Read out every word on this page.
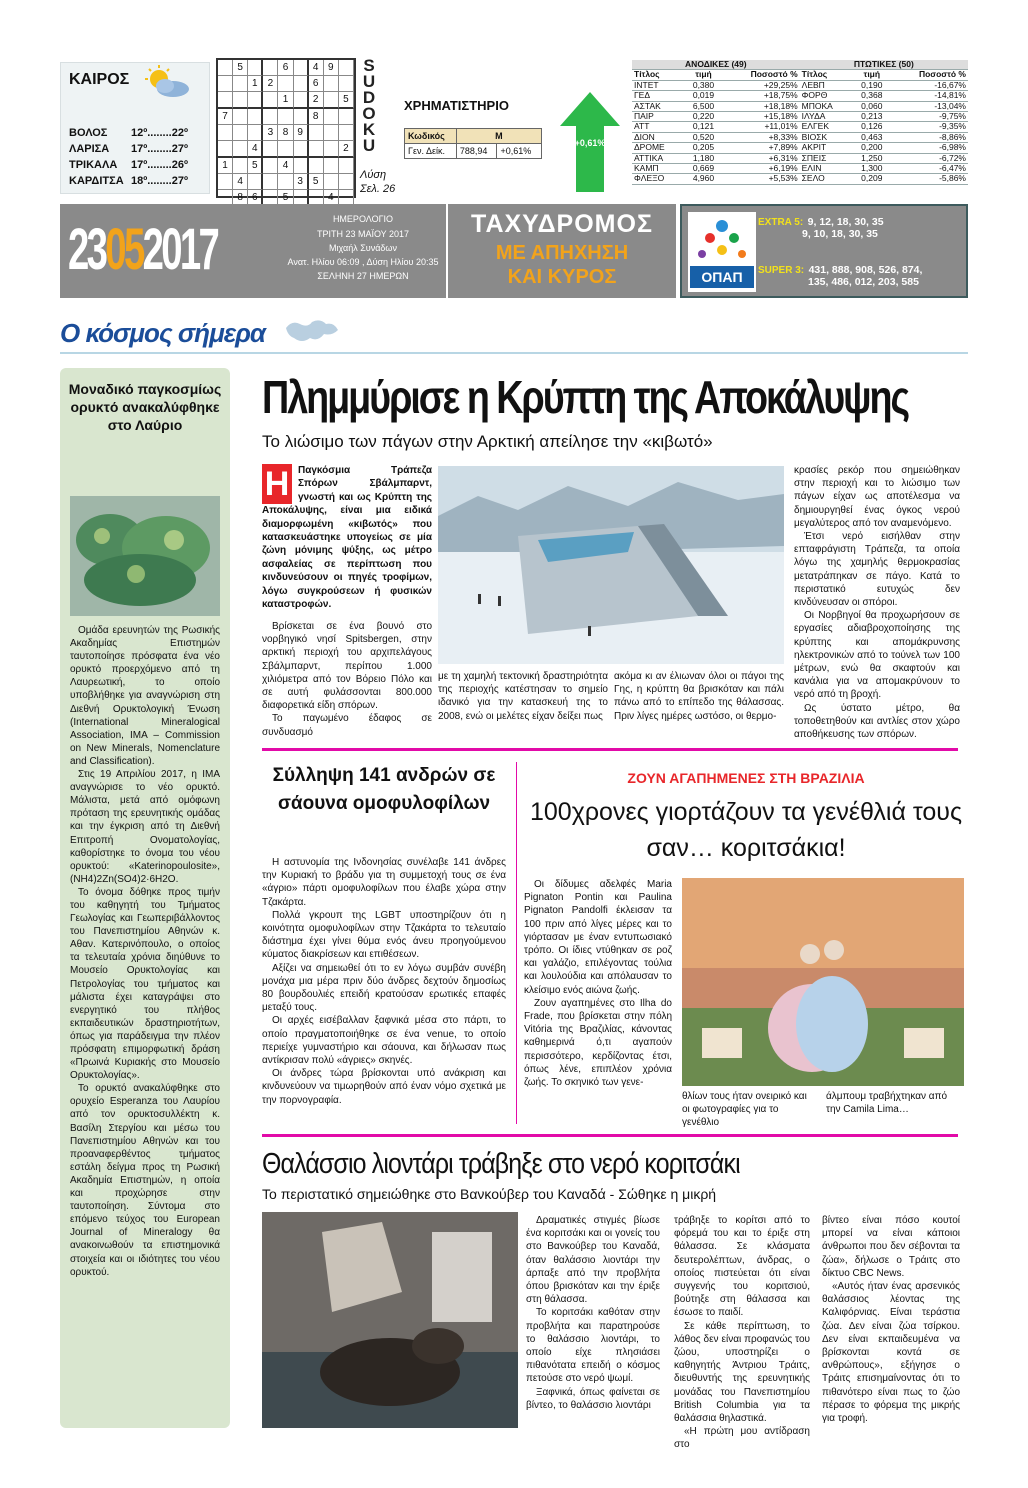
ΚΑΙΡΟΣ
ΒΟΛΟΣ	12º........22º
ΛΑΡΙΣΑ	17º........27º
ΤΡΙΚΑΛΑ	17º........26º
ΚΑΡΔΙΤΣΑ 18º........27º
5	6	4 9
1	2	6
1	2	5
7	8
3 8 9
4	2
1	5	4
4	3	5
8 6	5	4
S
U
D
O
K
U
Λύση
Σελ. 26
ΧΡΗΜΑΤΙΣΤΗΡΙΟ
Κωδικός	Μ	
Γεν. Δείκ.	788,94	+0,61%
+0,61%
ΑΝΟΔΙΚΕΣ (49)			ΠΤΩΤΙΚΕΣ (50)		
Τίτλος	τιμή	Ποσοστό %	Τίτλος	τιμή	Ποσοστό %
ΙΝΤΕΤ	0,380	+29,25%	ΛΕΒΠ	0,190	-16,67%
ΓΕΔ	0,019	+18,75%	ΦΟΡΘ	0,368	-14,81%
ΑΣΤΑΚ	6,500	+18,18%	ΜΠΟΚΑ	0,060	-13,04%
ΠΑΙΡ	0,220	+15,18%	ΙΛΥΔΑ	0,213	-9,75%
ΑΤΤ	0,121	+11,01%	ΕΛΓΕΚ	0,126	-9,35%
ΔΙΟΝ	0,520	+8,33%	ΒΙΟΣΚ	0,463	-8,86%
ΔΡΟΜΕ	0,205	+7,89%	ΑΚΡΙΤ	0,200	-6,98%
ΑΤΤΙΚΑ	1,180	+6,31%	ΣΠΕΙΣ	1,250	-6,72%
ΚΑΜΠ	0,669	+6,19%	ΕΛΙΝ	1,300	-6,47%
ΦΛΕΞΟ	4,960	+5,53%	ΣΕΛΟ	0,209	-5,86%
23052017	ΗΜΕΡΟΛΟΓΙΟ
ΤΡΙΤΗ 23 ΜΑΪΟΥ 2017
Μιχαήλ Συνάδων
Ανατ. Ηλίου 06:09 , Δύση Ηλίου 20:35
ΣΕΛΗΝΗ 27 ΗΜΕΡΩΝ
ΤΑΧΥΔΡΟΜΟΣ
ΜΕ ΑΠΗΧΗΣΗ
ΚΑΙ ΚΥΡΟΣ	ΟΠΑΠ
EXTRA 5: 9, 12, 18, 30, 35
9, 10, 18, 30, 35
SUPER 3: 431, 888, 908, 526, 874,
135, 486, 012, 203, 585
Ο κόσμος σήμερα
Μοναδικό παγκοσμίως ορυκτό ανακαλύφθηκε στο Λαύριο

Ομάδα ερευνητών της Ρωσικής Ακαδημίας Επιστημών ταυτοποίησε πρόσφατα ένα νέο ορυκτό προερχόμενο από τη Λαυρεωτική, το οποίο υποβλήθηκε για αναγνώριση στη Διεθνή Ορυκτολογική Ένωση (International Mineralogical Association, IMA – Commission on New Minerals, Nomenclature and Classification).

Στις 19 Απριλίου 2017, η IMA αναγνώρισε το νέο ορυκτό. Μάλιστα, μετά από ομόφωνη πρόταση της ερευνητικής ομάδας και την έγκριση από τη Διεθνή Επιτροπή Ονοματολογίας, καθορίστηκε το όνομα του νέου ορυκτού: «Katerinopoulosite», (NH4)2Zn(SO4)2·6H2O.

Το όνομα δόθηκε προς τιμήν του καθηγητή του Τμήματος Γεωλογίας και Γεωπεριβάλλοντος του Πανεπιστημίου Αθηνών κ. Αθαν. Κατερινόπουλο, ο οποίος τα τελευταία χρόνια διηύθυνε το Μουσείο Ορυκτολογίας και Πετρολογίας του τμήματος και μάλιστα έχει καταγράψει στο ενεργητικό του πλήθος εκπαιδευτικών δραστηριοτήτων, όπως για παράδειγμα την πλέον πρόσφατη επιμορφωτική δράση «Πρωινά Κυριακής στο Μουσείο Ορυκτολογίας».

Το ορυκτό ανακαλύφθηκε στο ορυχείο Esperanza του Λαυρίου από τον ορυκτοσυλλέκτη κ. Βασίλη Στεργίου και μέσω του Πανεπιστημίου Αθηνών και του προαναφερθέντος τμήματος εστάλη δείγμα προς τη Ρωσική Ακαδημία Επιστημών, η οποία και προχώρησε στην ταυτοποίηση. Σύντομα στο επόμενο τεύχος του European Journal of Mineralogy θα ανακοινωθούν τα επιστημονικά στοιχεία και οι ιδιότητες του νέου ορυκτού.

Πλημμύρισε η Κρύπτη της Αποκάλυψης
Το λιώσιμο των πάγων στην Αρκτική απείλησε την «κιβωτό»
Παγκόσμια Τράπεζα Σπόρων Σβάλμπαρντ, γνωστή και ως Κρύπτη της Αποκάλυψης, είναι μια ειδικά διαμορφωμένη «κιβωτός» που κατασκευάστηκε υπογείως σε μία ζώνη μόνιμης ψύξης, ως μέτρο ασφαλείας σε περίπτωση που κινδυνεύσουν οι πηγές τροφίμων, λόγω συγκρούσεων ή φυσικών καταστροφών.
Η

Βρίσκεται σε ένα βουνό στο νορβηγικό νησί Spitsbergen, στην αρκτική περιοχή του αρχιπελάγους Σβάλμπαρντ, περίπου 1.000 χιλιόμετρα από τον Βόρειο Πόλο και σε αυτή φυλάσσονται 800.000 διαφορετικά είδη σπόρων.

Το παγωμένο έδαφος σε συνδυασμό

με τη χαμηλή τεκτονική δραστηριότητα της περιοχής κατέστησαν το σημείο ιδανικό για την κατασκευή της το 2008, ενώ οι μελέτες είχαν δείξει πως
ακόμα κι αν έλιωναν όλοι οι πάγοι της Γης, η κρύπτη θα βρισκόταν και πάλι πάνω από το επίπεδο της θάλασσας. Πριν λίγες ημέρες ωστόσο, οι θερμο-

κρασίες ρεκόρ που σημειώθηκαν στην περιοχή και το λιώσιμο των πάγων είχαν ως αποτέλεσμα να δημιουργηθεί ένας όγκος νερού μεγαλύτερος από τον αναμενόμενο.

Έτσι νερό εισήλθαν στην επταφράγιστη Τράπεζα, τα οποία λόγω της χαμηλής θερμοκρασίας μετατράπηκαν σε πάγο. Κατά το περιστατικό ευτυχώς δεν κινδύνευσαν οι σπόροι.

Οι Νορβηγοί θα προχωρήσουν σε εργασίες αδιαβροχοποίησης της κρύπτης και απομάκρυνσης ηλεκτρονικών από το τούνελ των 100 μέτρων, ενώ θα σκαφτούν και κανάλια για να απομακρύνουν το νερό από τη βροχή.

Ως ύστατο μέτρο, θα τοποθετηθούν και αντλίες στον χώρο αποθήκευσης των σπόρων.

Σύλληψη 141 ανδρών σε σάουνα ομοφυλοφίλων

Η αστυνομία της Ινδονησίας συνέλαβε 141 άνδρες την Κυριακή το βράδυ για τη συμμετοχή τους σε ένα «άγριο» πάρτι ομοφυλοφίλων που έλαβε χώρα στην Τζακάρτα.

Πολλά γκρουπ της LGBT υποστηρίζουν ότι η κοινότητα ομοφυλοφίλων στην Τζακάρτα το τελευταίο διάστημα έχει γίνει θύμα ενός άνευ προηγούμενου κύματος διακρίσεων και επιθέσεων.

Αξίζει να σημειωθεί ότι το εν λόγω συμβάν συνέβη μονάχα μια μέρα πριν δύο άνδρες δεχτούν δημοσίως 80 βουρδουλιές επειδή κρατούσαν ερωτικές επαφές μεταξύ τους.

Οι αρχές εισέβαλλαν ξαφνικά μέσα στο πάρτι, το οποίο πραγματοποιήθηκε σε ένα venue, το οποίο περιείχε γυμναστήριο και σάουνα, και δήλωσαν πως αντίκρισαν πολύ «άγριες» σκηνές.

Οι άνδρες τώρα βρίσκονται υπό ανάκριση και κινδυνεύουν να τιμωρηθούν από έναν νόμο σχετικά με την πορνογραφία.

ΖΟΥΝ ΑΓΑΠΗΜΕΝΕΣ ΣΤΗ ΒΡΑΖΙΛΙΑ
100χρονες γιορτάζουν τα γενέθλιά τους σαν… κοριτσάκια!

Οι δίδυμες αδελφές Maria Pignaton Pontin και Paulina Pignaton Pandolfi έκλεισαν τα 100 πριν από λίγες μέρες και το γιόρτασαν με έναν εντυπωσιακό τρόπο. Οι ίδιες ντύθηκαν σε ροζ και γαλάζιο, επιλέγοντας τούλια και λουλούδια και απόλαυσαν το κλείσιμο ενός αιώνα ζωής.

Ζουν αγαπημένες στο Ilha do Frade, που βρίσκεται στην πόλη Vitória της Βραζιλίας, κάνοντας καθημερινά ό,τι αγαπούν περισσότερο, κερδίζοντας έτσι, όπως λένε, επιπλέον χρόνια ζωής. Το σκηνικό των γενε-

θλίων τους ήταν ονειρικό και οι φωτογραφίες για το γενέθλιο
άλμπουμ τραβήχτηκαν από την Camila Lima…
Θαλάσσιο λιοντάρι τράβηξε στο νερό κοριτσάκι
Το περιστατικό σημειώθηκε στο Βανκούβερ του Καναδά - Σώθηκε η μικρή

Δραματικές στιγμές βίωσε ένα κοριτσάκι και οι γονείς του στο Βανκούβερ του Καναδά, όταν θαλάσσιο λιοντάρι την άρπαξε από την προβλήτα όπου βρισκόταν και την έριξε στη θάλασσα.

Το κοριτσάκι καθόταν στην προβλήτα και παρατηρούσε το θαλάσσιο λιοντάρι, το οποίο είχε πλησιάσει πιθανότατα επειδή ο κόσμος πετούσε στο νερό ψωμί.

Ξαφνικά, όπως φαίνεται σε βίντεο, το θαλάσσιο λιοντάρι

τράβηξε το κορίτσι από το φόρεμά του και το έριξε στη θάλασσα. Σε κλάσματα δευτερολέπτων, άνδρας, ο οποίος πιστεύεται ότι είναι συγγενής του κοριτσιού, βούτηξε στη θάλασσα και έσωσε το παιδί.

Σε κάθε περίπτωση, το λάθος δεν είναι προφανώς του ζώου, υποστηρίζει ο καθηγητής Άντριου Τράιτς, διευθυντής της ερευνητικής μονάδας του Πανεπιστημίου British Columbia για τα θαλάσσια θηλαστικά.

«Η πρώτη μου αντίδραση στο

βίντεο είναι πόσο κουτοί μπορεί να είναι κάποιοι άνθρωποι που δεν σέβονται τα ζώα», δήλωσε ο Τράιτς στο δίκτυο CBC News.

«Αυτός ήταν ένας αρσενικός θαλάσσιος λέοντας της Καλιφόρνιας. Είναι τεράστια ζώα. Δεν είναι ζώα τσίρκου. Δεν είναι εκπαιδευμένα να βρίσκονται κοντά σε ανθρώπους», εξήγησε ο Τράιτς επισημαίνοντας ότι το πιθανότερο είναι πως το ζώο πέρασε το φόρεμα της μικρής για τροφή.
